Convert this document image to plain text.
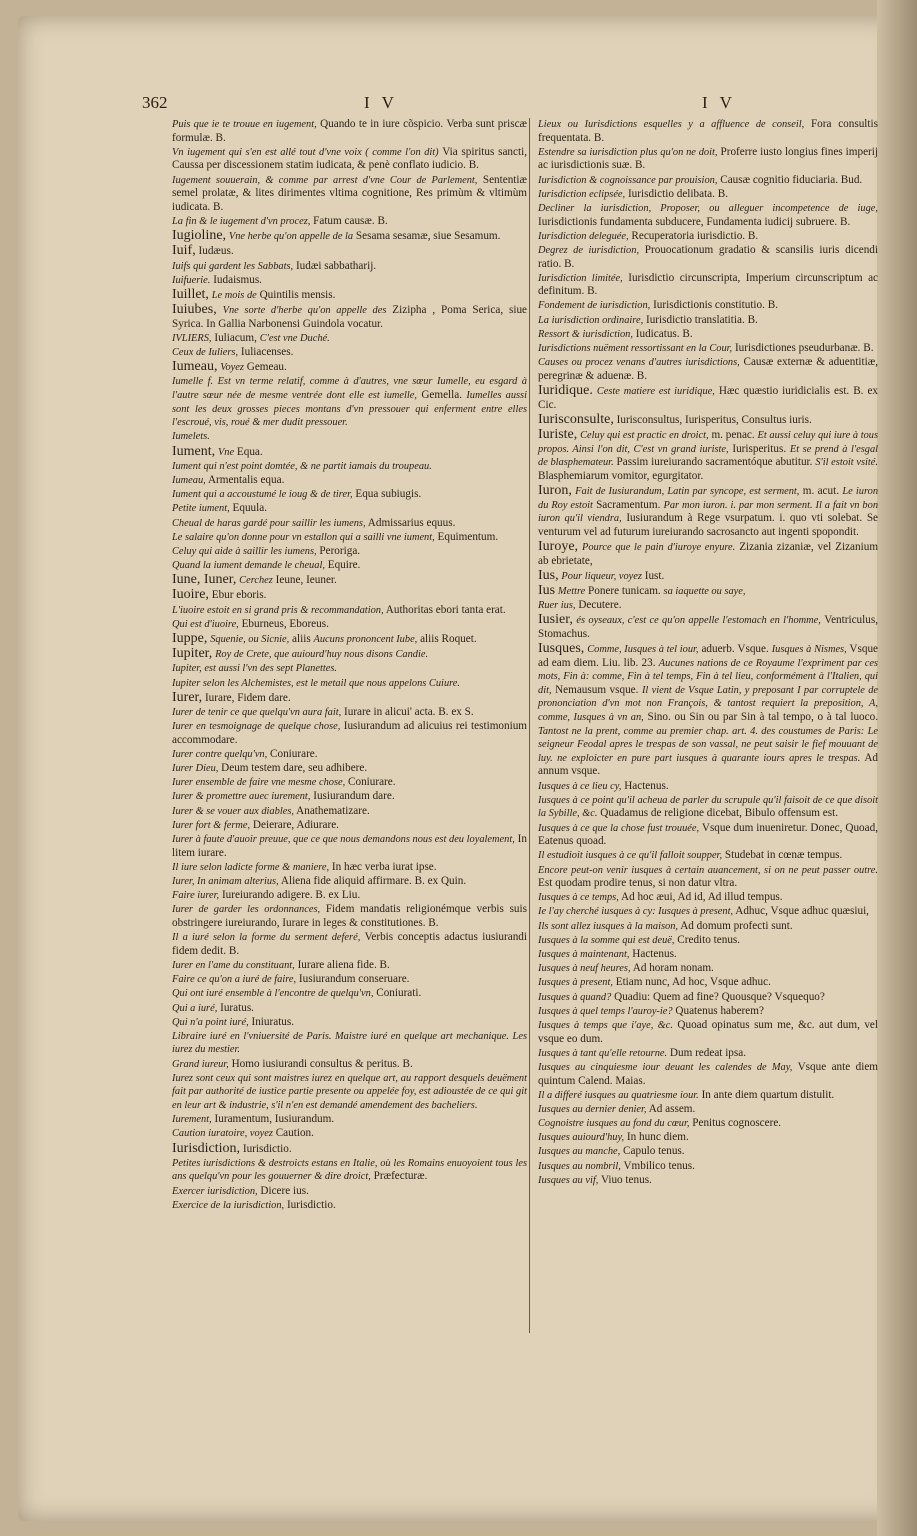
362	I V	I V
Puis que ie te trouue en iugement, Quando te in iure cõspicio. Verba sunt priscæ formulæ. B.
Vn iugement qui s'en est allé tout d'vne voix ( comme l'on dit) Via spiritus sancti, Caussa per discessionem statim iudicata, & penè conflato iudicio. B.
Iugement souuerain, & comme par arrest d'vne Cour de Parlement, Sententiæ semel prolatæ, & lites dirimentes vltima cognitione, Res primùm & vltimùm iudicata. B.
La fin & le iugement d'vn procez, Fatum causæ. B.
Iugioline, Vne herbe qu'on appelle de la Sesama sesamæ, siue Sesamum.
Iuif, Iudæus.
Iuifs qui gardent les Sabbats, Iudæi sabbatharij.
Iuifuerie. Iudaismus.
Iuillet, Le mois de Quintilis mensis.
Iuiubes, Vne sorte d'herbe qu'on appelle des Zizipha , Poma Serica, siue Syrica. In Gallia Narbonensi Guindola vocatur.
IVLIERS, Iuliacum, C'est vne Duché.
Ceux de Iuliers, Iuliacenses.
Iumeau, Voyez Gemeau.
Iumelle f. Est vn terme relatif, comme à d'autres, vne sœur Iumelle, eu esgard à l'autre sœur née de mesme ventrée dont elle est iumelle, Gemella. Iumelles aussi sont les deux grosses pieces montans d'vn pressouer qui enferment entre elles l'escroué, vis, roué & mer dudit pressouer.
Iumelets.
Iument, Vne Equa.
Iument qui n'est point domtée, & ne partit iamais du troupeau.
Iumeau, Armentalis equa.
Iument qui a accoustumé le ioug & de tirer, Equa subiugis.
Petite iument, Equula.
Cheual de haras gardé pour saillir les iumens, Admissarius equus.
Le salaire qu'on donne pour vn estallon qui a sailli vne iument, Equimentum.
Celuy qui aide à saillir les iumens, Peroriga.
Quand la iument demande le cheual, Equire.
Iune, Iuner, Cerchez Ieune, Ieuner.
Iuoire, Ebur eboris.
L'iuoire estoit en si grand pris & recommandation, Authoritas ebori tanta erat.
Qui est d'iuoire, Eburneus, Eboreus.
Iuppe, Squenie, ou Sicnie, aliis Aucuns prononcent Iube, aliis Roquet.
Iupiter, Roy de Crete, que auiourd'huy nous disons Candie.
Iupiter, est aussi l'vn des sept Planettes.
Iupiter selon les Alchemistes, est le metail que nous appelons Cuiure.
Iurer, Iurare, Fidem dare.
Iurer de tenir ce que quelqu'vn aura fait, Iurare in alicui' acta. B. ex S.
Iurer en tesmoignage de quelque chose, Iusiurandum ad alicuius rei testimonium accommodare.
Iurer contre quelqu'vn, Coniurare.
Iurer Dieu, Deum testem dare, seu adhibere.
Iurer ensemble de faire vne mesme chose, Coniurare.
Iurer & promettre auec iurement, Iusiurandum dare.
Iurer & se vouer aux diables, Anathematizare.
Iurer fort & ferme, Deierare, Adiurare.
Iurer à faute d'auoir preuue, que ce que nous demandons nous est deu loyalement, In litem iurare.
Il iure selon ladicte forme & maniere, In hæc verba iurat ipse.
Iurer, In animam alterius, Aliena fide aliquid affirmare. B. ex Quin.
Faire iurer, Iureiurando adigere. B. ex Liu.
Iurer de garder les ordonnances, Fidem mandatis religionémque verbis suis obstringere iureiurando, Iurare in leges & constitutiones. B.
Il a iuré selon la forme du serment deferé, Verbis conceptis adactus iusiurandi fidem dedit. B.
Iurer en l'ame du constituant, Iurare aliena fide. B.
Faire ce qu'on a iuré de faire, Iusiurandum conseruare.
Qui ont iuré ensemble à l'encontre de quelqu'vn, Coniurati.
Qui a iuré, Iuratus.
Qui n'a point iuré, Iniuratus.
Libraire iuré en l'vniuersité de Paris. Maistre iuré en quelque art mechanique. Les iurez du mestier.
Grand iureur, Homo iusiurandi consultus & peritus. B.
Iurez sont ceux qui sont maistres iurez en quelque art, au rapport desquels deuëment fait par authorité de iustice partie presente ou appelée foy, est adioustée de ce qui git en leur art & industrie, s'il n'en est demandé amendement des bacheliers.
Iurement, Iuramentum, Iusiurandum.
Caution iuratoire, voyez Caution.
Iurisdiction, Iurisdictio.
Petites iurisdictions & destroicts estans en Italie, où les Romains enuoyoient tous les ans quelqu'vn pour les gouuerner & dire droict, Præfecturæ.
Exercer iurisdiction, Dicere ius.
Exercice de la iurisdiction, Iurisdictio.
Lieux ou Iurisdictions esquelles y a affluence de conseil, Fora consultis frequentata. B.
Estendre sa iurisdiction plus qu'on ne doit, Proferre iusto longius fines imperij ac iurisdictionis suæ. B.
Iurisdiction & cognoissance par prouision, Causæ cognitio fiduciaria. Bud.
Iurisdiction eclipsée, Iurisdictio delibata. B.
Decliner la iurisdiction, Proposer, ou alleguer incompetence de iuge, Iurisdictionis fundamenta subducere, Fundamenta iudicij subruere. B.
Iurisdiction deleguée, Recuperatoria iurisdictio. B.
Degrez de iurisdiction, Prouocationum gradatio & scansilis iuris dicendi ratio. B.
Iurisdiction limitée, Iurisdictio circunscripta, Imperium circunscriptum ac definitum. B.
Fondement de iurisdiction, Iurisdictionis constitutio. B.
La iurisdiction ordinaire, Iurisdictio translatitia. B.
Ressort & iurisdiction, Iudicatus. B.
Iurisdictions nuëment ressortissant en la Cour, Iurisdictiones pseudurbanæ. B.
Causes ou procez venans d'autres iurisdictions, Causæ externæ & aduentitiæ, peregrinæ & aduenæ. B.
Iuridique. Ceste matiere est iuridique, Hæc quæstio iuridicialis est. B. ex Cic.
Iurisconsulte, Iurisconsultus, Iurisperitus, Consultus iuris.
Iuriste, Celuy qui est practic en droict, m. penac. Et aussi celuy qui iure à tous propos. Ainsi l'on dit, C'est vn grand iuriste, Iurisperitus. Et se prend à l'esgal de blasphemateur. Passim iureiurando sacramentóque abutitur. S'il estoit vsité. Blasphemiarum vomitor, egurgitator.
Iuron, Fait de Iusiurandum, Latin par syncope, est serment, m. acut. Le iuron du Roy estoit Sacramentum. Par mon iuron. i. par mon serment. Il a fait vn bon iuron qu'il viendra, Iusiurandum à Rege vsurpatum. i. quo vti solebat. Se venturum vel ad futurum iureiurando sacrosancto aut ingenti spopondit.
Iuroye, Pource que le pain d'iuroye enyure. Zizania zizaniæ, vel Zizanium ab ebrietate,
Ius, Pour liqueur, voyez Iust.
Ius Mettre Ponere tunicam. sa iaquette ou saye,
Ruer ius, Decutere.
Iusier, és oyseaux, c'est ce qu'on appelle l'estomach en l'homme, Ventriculus, Stomachus.
Iusques, Comme, Iusques à tel iour, aduerb. Vsque. Iusques à Nismes, Vsque ad eam diem. Liu. lib. 23. Aucunes nations de ce Royaume l'expriment par ces mots, Fin à: comme, Fin à tel temps, Fin à tel lieu, conformément à l'Italien, qui dit, Nemausum vsque. Il vient de Vsque Latin, y preposant I par corruptele de prononciation d'vn mot non François, & tantost requiert la preposition, A, comme, Iusques à vn an, Sino. ou Sin ou par Sin à tal tempo, o à tal luoco. Tantost ne la prent, comme au premier chap. art. 4. des coustumes de Paris: Le seigneur Feodal apres le trespas de son vassal, ne peut saisir le fief mouuant de luy. ne exploicter en pure part iusques à quarante iours apres le trespas. Ad annum vsque.
Iusques à ce lieu cy, Hactenus.
Iusques à ce point qu'il acheua de parler du scrupule qu'il faisoit de ce que disoit la Sybille, &c. Quadamus de religione dicebat, Bibulo offensum est.
Iusques à ce que la chose fust trouuée, Vsque dum inueniretur. Donec, Quoad, Eatenus quoad.
Il estudioit iusques à ce qu'il falloit soupper, Studebat in cœnæ tempus.
Encore peut-on venir iusques à certain auancement, si on ne peut passer outre. Est quodam prodire tenus, si non datur vltra.
Iusques à ce temps, Ad hoc æui, Ad id, Ad illud tempus.
Ie l'ay cherché iusques à cy: Iusques à present, Adhuc, Vsque adhuc quæsiui,
Ils sont allez iusques à la maison, Ad domum profecti sunt.
Iusques à la somme qui est deuë, Credito tenus.
Iusques à maintenant, Hactenus.
Iusques à neuf heures, Ad horam nonam.
Iusques à present, Etiam nunc, Ad hoc, Vsque adhuc.
Iusques à quand? Quadiu: Quem ad fine? Quousque? Vsquequo?
Iusques à quel temps l'auroy-ie? Quatenus haberem?
Iusques à temps que i'aye, &c. Quoad opinatus sum me, &c. aut dum, vel vsque eo dum.
Iusques à tant qu'elle retourne. Dum redeat ipsa.
Iusques au cinquiesme iour deuant les calendes de May, Vsque ante diem quintum Calend. Maias.
Il a differé iusques au quatriesme iour. In ante diem quartum distulit.
Iusques au dernier denier, Ad assem.
Cognoistre iusques au fond du cœur, Penitus cognoscere.
Iusques auiourd'huy, In hunc diem.
Iusques au manche, Capulo tenus.
Iusques au nombril, Vmbilico tenus.
Iusques au vif, Viuo tenus.
